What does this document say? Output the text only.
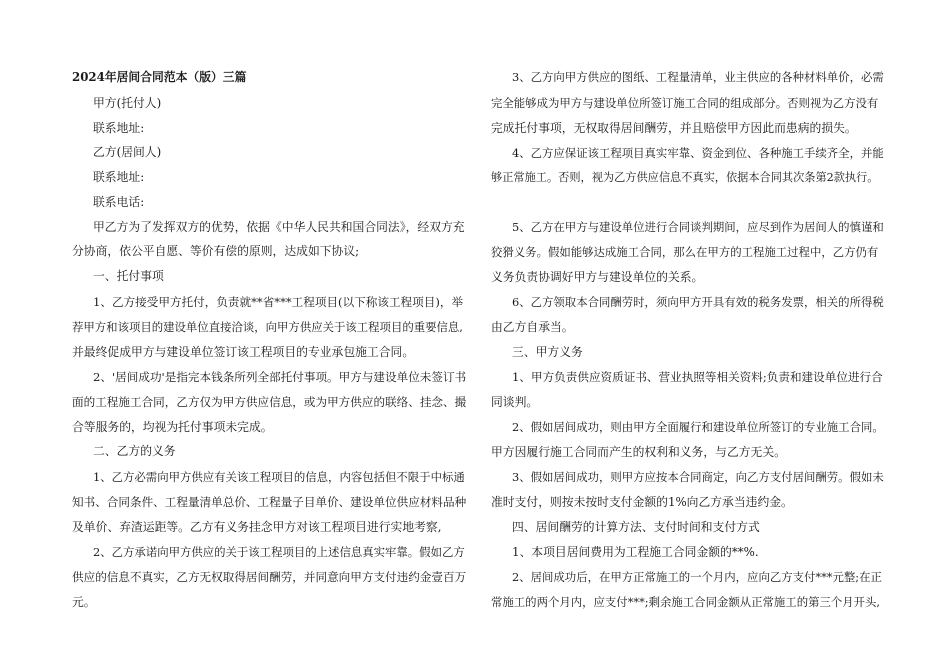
2024年居间合同范本（版）三篇
甲方(托付人)
联系地址:
乙方(居间人)
联系地址:
联系电话:
甲乙方为了发挥双方的优势，依据《中华人民共和国合同法》，经双方充
分协商，依公平自愿、等价有偿的原则，达成如下协议;
一、托付事项
1、乙方接受甲方托付，负责就**省***工程项目(以下称该工程项目)，举
荐甲方和该项目的建设单位直接洽谈，向甲方供应关于该工程项目的重要信息,
并最终促成甲方与建设单位签订该工程项目的专业承包施工合同。
2、'居间成功'是指完本钱条所列全部托付事项。甲方与建设单位未签订书
面的工程施工合同，乙方仅为甲方供应信息，或为甲方供应的联络、挂念、撮
合等服务的，均视为托付事项未完成。
二、乙方的义务
1、乙方必需向甲方供应有关该工程项目的信息，内容包括但不限于中标通
知书、合同条件、工程量清单总价、工程量子目单价、建设单位供应材料品种
及单价、弃渣运距等。乙方有义务挂念甲方对该工程项目进行实地考察,
2、乙方承诺向甲方供应的关于该工程项目的上述信息真实牢靠。假如乙方
供应的信息不真实，乙方无权取得居间酬劳，并同意向甲方支付违约金壹百万
元。
3、乙方向甲方供应的图纸、工程量清单，业主供应的各种材料单价，必需
完全能够成为甲方与建设单位所签订施工合同的组成部分。否则视为乙方没有
完成托付事项，无权取得居间酬劳，并且赔偿甲方因此而患病的损失。
4、乙方应保证该工程项目真实牢靠、资金到位、各种施工手续齐全，并能
够正常施工。否则，视为乙方供应信息不真实，依据本合同其次条第2款执行。
5、乙方在甲方与建设单位进行合同谈判期间，应尽到作为居间人的慎谨和
狡猾义务。假如能够达成施工合同，那么在甲方的工程施工过程中，乙方仍有
义务负责协调好甲方与建设单位的关系。
6、乙方领取本合同酬劳时，须向甲方开具有效的税务发票，相关的所得税
由乙方自承当。
三、甲方义务
1、甲方负责供应资质证书、营业执照等相关资料;负责和建设单位进行合
同谈判。
2、假如居间成功，则由甲方全面履行和建设单位所签订的专业施工合同。
甲方因履行施工合同而产生的权利和义务，与乙方无关。
3、假如居间成功，则甲方应按本合同商定，向乙方支付居间酬劳。假如未
准时支付，则按未按时支付金额的1%向乙方承当违约金。
四、居间酬劳的计算方法、支付时间和支付方式
1、本项目居间费用为工程施工合同金额的**%.
2、居间成功后，在甲方正常施工的一个月内，应向乙方支付***元整;在正
常施工的两个月内，应支付***;剩余施工合同金额从正常施工的第三个月开头,
